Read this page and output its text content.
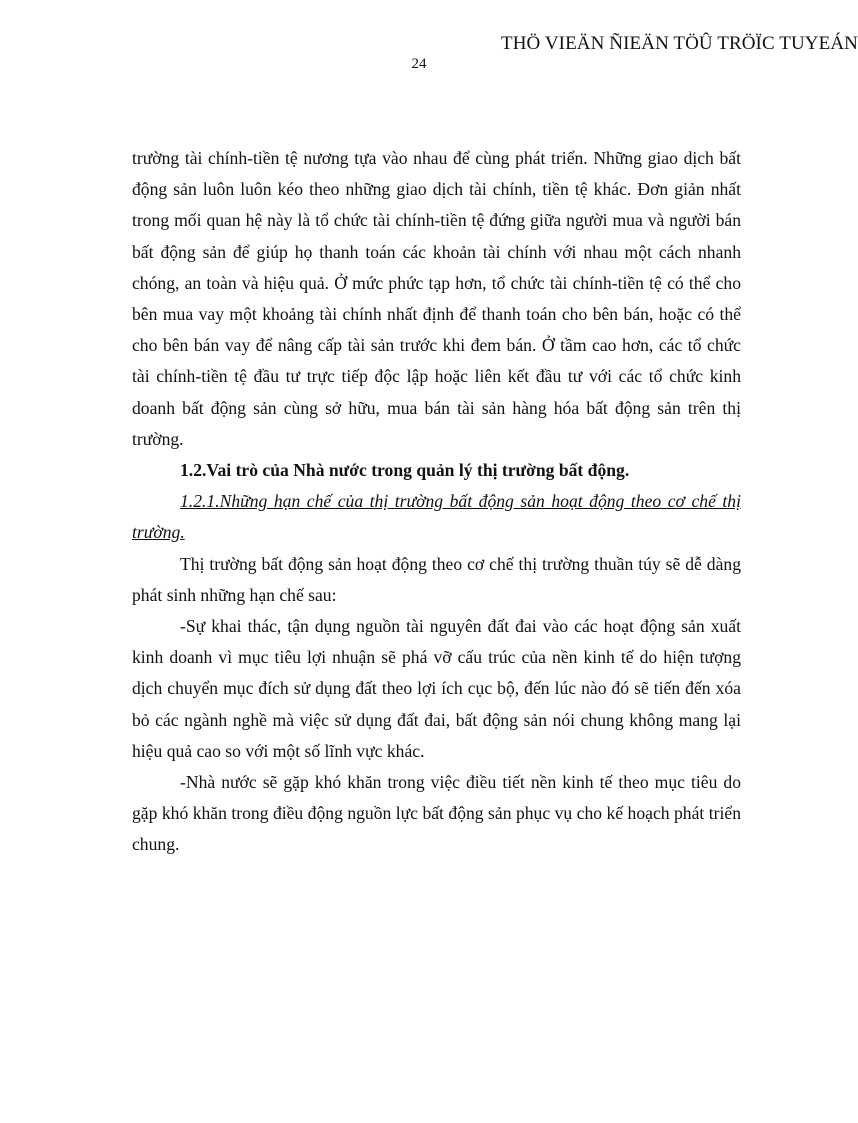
THÖ VIEÄN ÑIEÄN TÖÛ TRÖÏC TUYEÁN
24

trường tài chính-tiền tệ nương tựa vào nhau để cùng phát triển. Những giao dịch bất động sản luôn luôn kéo theo những giao dịch tài chính, tiền tệ khác. Đơn giản nhất trong mối quan hệ này là tổ chức tài chính-tiền tệ đứng giữa người mua và người bán bất động sản để giúp họ thanh toán các khoản tài chính với nhau một cách nhanh chóng, an toàn và hiệu quả. Ở mức phức tạp hơn, tổ chức tài chính-tiền tệ có thể cho bên mua vay một khoảng tài chính nhất định để thanh toán cho bên bán, hoặc có thể cho bên bán vay để nâng cấp tài sản trước khi đem bán. Ở tầm cao hơn, các tổ chức tài chính-tiền tệ đầu tư trực tiếp độc lập hoặc liên kết đầu tư với các tổ chức kinh doanh bất động sản cùng sở hữu, mua bán tài sản hàng hóa bất động sản trên thị trường.

1.2.Vai trò của Nhà nước trong quản lý thị trường bất động.

1.2.1.Những hạn chế của thị trường bất động sản hoạt động theo cơ chế thị trường.

Thị trường bất động sản hoạt động theo cơ chế thị trường thuần túy sẽ dễ dàng phát sinh những hạn chế sau:

-Sự khai thác, tận dụng nguồn tài nguyên đất đai vào các hoạt động sản xuất kinh doanh vì mục tiêu lợi nhuận sẽ phá vỡ cấu trúc của nền kinh tế do hiện tượng dịch chuyển mục đích sử dụng đất theo lợi ích cục bộ, đến lúc nào đó sẽ tiến đến xóa bỏ các ngành nghề mà việc sử dụng đất đai, bất động sản nói chung không mang lại hiệu quả cao so với một số lĩnh vực khác.

-Nhà nước sẽ gặp khó khăn trong việc điều tiết nền kinh tế theo mục tiêu do gặp khó khăn trong điều động nguồn lực bất động sản phục vụ cho kế hoạch phát triển chung.
